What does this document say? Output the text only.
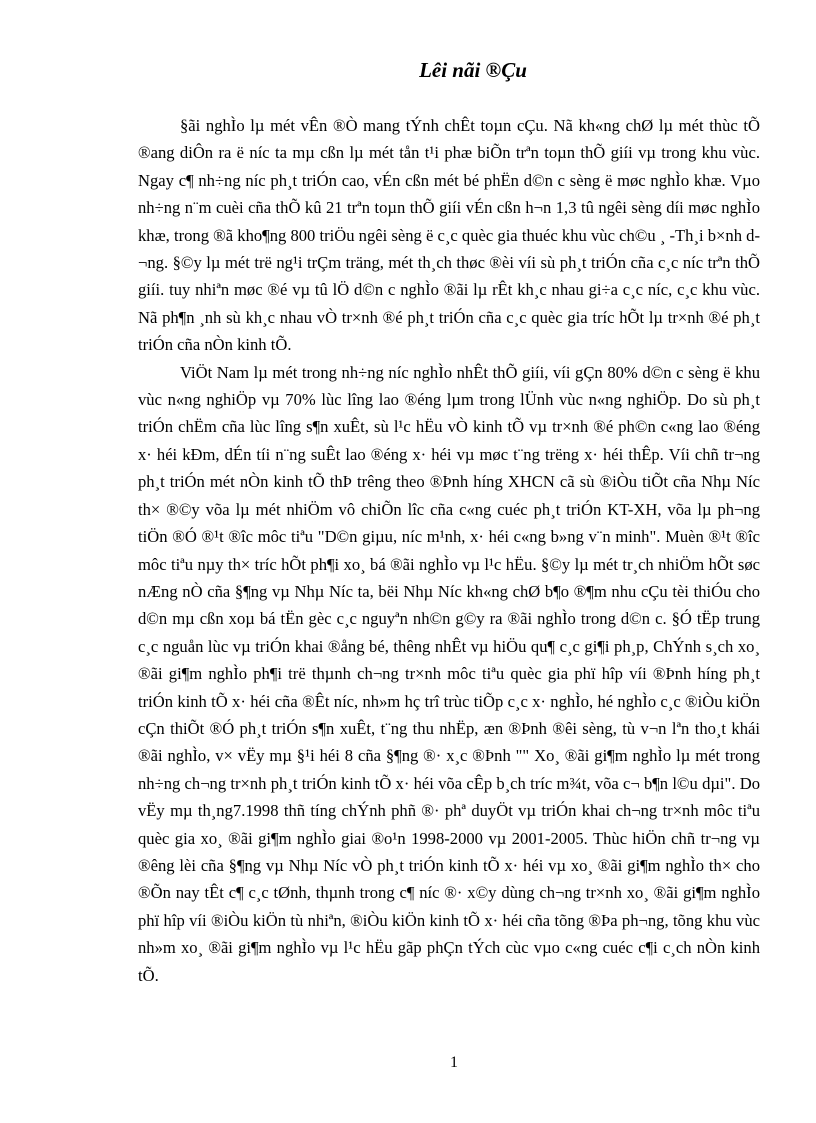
Lêi nãi ®Çu

§ãi nghÌo lµ mét vÊn ®Ò mang tÝnh chÊt toµn cÇu. Nã kh«ng chØ lµ mét thùc tÕ ®ang diÔn ra ë níc ta mµ cßn lµ mét tån t¹i phæ biÕn trªn toµn thÕ giíi vµ trong khu vùc. Ngay c¶ nh÷ng níc ph¸t triÓn cao, vÉn cßn mét bé phËn d©n c sèng ë møc nghÌo khæ. Vµo nh÷ng n¨m cuèi cña thÕ kû 21 trªn toµn thÕ giíi vÉn cßn h¬n 1,3 tû ngêi sèng díi møc nghÌo khæ, trong ®ã kho¶ng 800 triÖu ngêi sèng ë c¸c quèc gia thuéc khu vùc ch©u ¸ -Th¸i b×nh d¬ng. §©y lµ mét trë ng¹i trÇm träng, mét th¸ch thøc ®èi víi sù ph¸t triÓn cña c¸c níc trªn thÕ giíi. tuy nhiªn møc ®é vµ tû lÖ d©n c nghÌo ®ãi lµ rÊt kh¸c nhau gi÷a c¸c níc, c¸c khu vùc. Nã ph¶n ¸nh sù kh¸c nhau vÒ tr×nh ®é ph¸t triÓn cña c¸c quèc gia tríc hÕt lµ tr×nh ®é ph¸t triÓn cña nÒn kinh tÕ.

ViÖt Nam lµ mét trong nh÷ng níc nghÌo nhÊt thÕ giíi, víi gÇn 80% d©n c sèng ë khu vùc n«ng nghiÖp vµ 70% lùc lîng lao ®éng lµm trong lÜnh vùc n«ng nghiÖp. Do sù ph¸t triÓn chËm cña lùc lîng s¶n xuÊt, sù l¹c hËu vÒ kinh tÕ vµ tr×nh ®é ph©n c«ng lao ®éng x· héi kÐm, dÉn tíi n¨ng suÊt lao ®éng x· héi vµ møc t¨ng trëng x· héi thÊp. Víi chñ tr¬ng ph¸t triÓn mét nÒn kinh tÕ thÞ trêng theo ®Þnh híng XHCN cã sù ®iÒu tiÕt cña Nhµ Níc th× ®©y võa lµ mét nhiÖm vô chiÕn lîc cña c«ng cuéc ph¸t triÓn KT-XH, võa lµ ph¬ng tiÖn ®Ó ®¹t ®îc môc tiªu "D©n giµu, níc m¹nh, x· héi c«ng b»ng v¨n minh". Muèn ®¹t ®îc môc tiªu nµy th× tríc hÕt ph¶i xo¸ bá ®ãi nghÌo vµ l¹c hËu. §©y lµ mét tr¸ch nhiÖm hÕt søc nÆng nÒ cña §¶ng vµ Nhµ Níc ta, bëi Nhµ Níc kh«ng chØ b¶o ®¶m nhu cÇu tèi thiÓu cho d©n mµ cßn xoµ bá tËn gèc c¸c nguyªn nh©n g©y ra ®ãi nghÌo trong d©n c. §Ó tËp trung c¸c nguån lùc vµ triÓn khai ®ång bé, thêng nhÊt vµ hiÖu qu¶ c¸c gi¶i ph¸p, ChÝnh s¸ch xo¸ ®ãi gi¶m nghÌo ph¶i trë thµnh ch¬ng tr×nh môc tiªu quèc gia phï hîp víi ®Þnh híng ph¸t triÓn kinh tÕ x· héi cña ®Êt níc, nh»m hç trî trùc tiÕp c¸c x· nghÌo, hé nghÌo c¸c ®iÒu kiÖn cÇn thiÕt ®Ó ph¸t triÓn s¶n xuÊt, t¨ng thu nhËp, æn ®Þnh ®êi sèng, tù v¬n lªn tho¸t khái ®ãi nghÌo, v× vËy mµ §¹i héi 8 cña §¶ng ®· x¸c ®Þnh "" Xo¸ ®ãi gi¶m nghÌo lµ mét trong nh÷ng ch¬ng tr×nh ph¸t triÓn kinh tÕ x· héi võa cÊp b¸ch tríc m¾t, võa c¬ b¶n l©u dµi". Do vËy mµ th¸ng7.1998 thñ tíng chÝnh phñ ®· phª duyÖt vµ triÓn khai ch¬ng tr×nh môc tiªu quèc gia xo¸ ®ãi gi¶m nghÌo giai ®o¹n 1998-2000 vµ 2001-2005. Thùc hiÖn chñ tr¬ng vµ ®êng lèi cña §¶ng vµ Nhµ Níc vÒ ph¸t triÓn kinh tÕ x· héi vµ xo¸ ®ãi gi¶m nghÌo th× cho ®Õn nay tÊt c¶ c¸c tØnh, thµnh trong c¶ níc ®· x©y dùng ch¬ng tr×nh xo¸ ®ãi gi¶m nghÌo phï hîp víi ®iÒu kiÖn tù nhiªn, ®iÒu kiÖn kinh tÕ x· héi cña tõng ®Þa ph¬ng, tõng khu vùc nh»m xo¸ ®ãi gi¶m nghÌo vµ l¹c hËu gãp phÇn tÝch cùc vµo c«ng cuéc c¶i c¸ch nÒn kinh tÕ.

1
